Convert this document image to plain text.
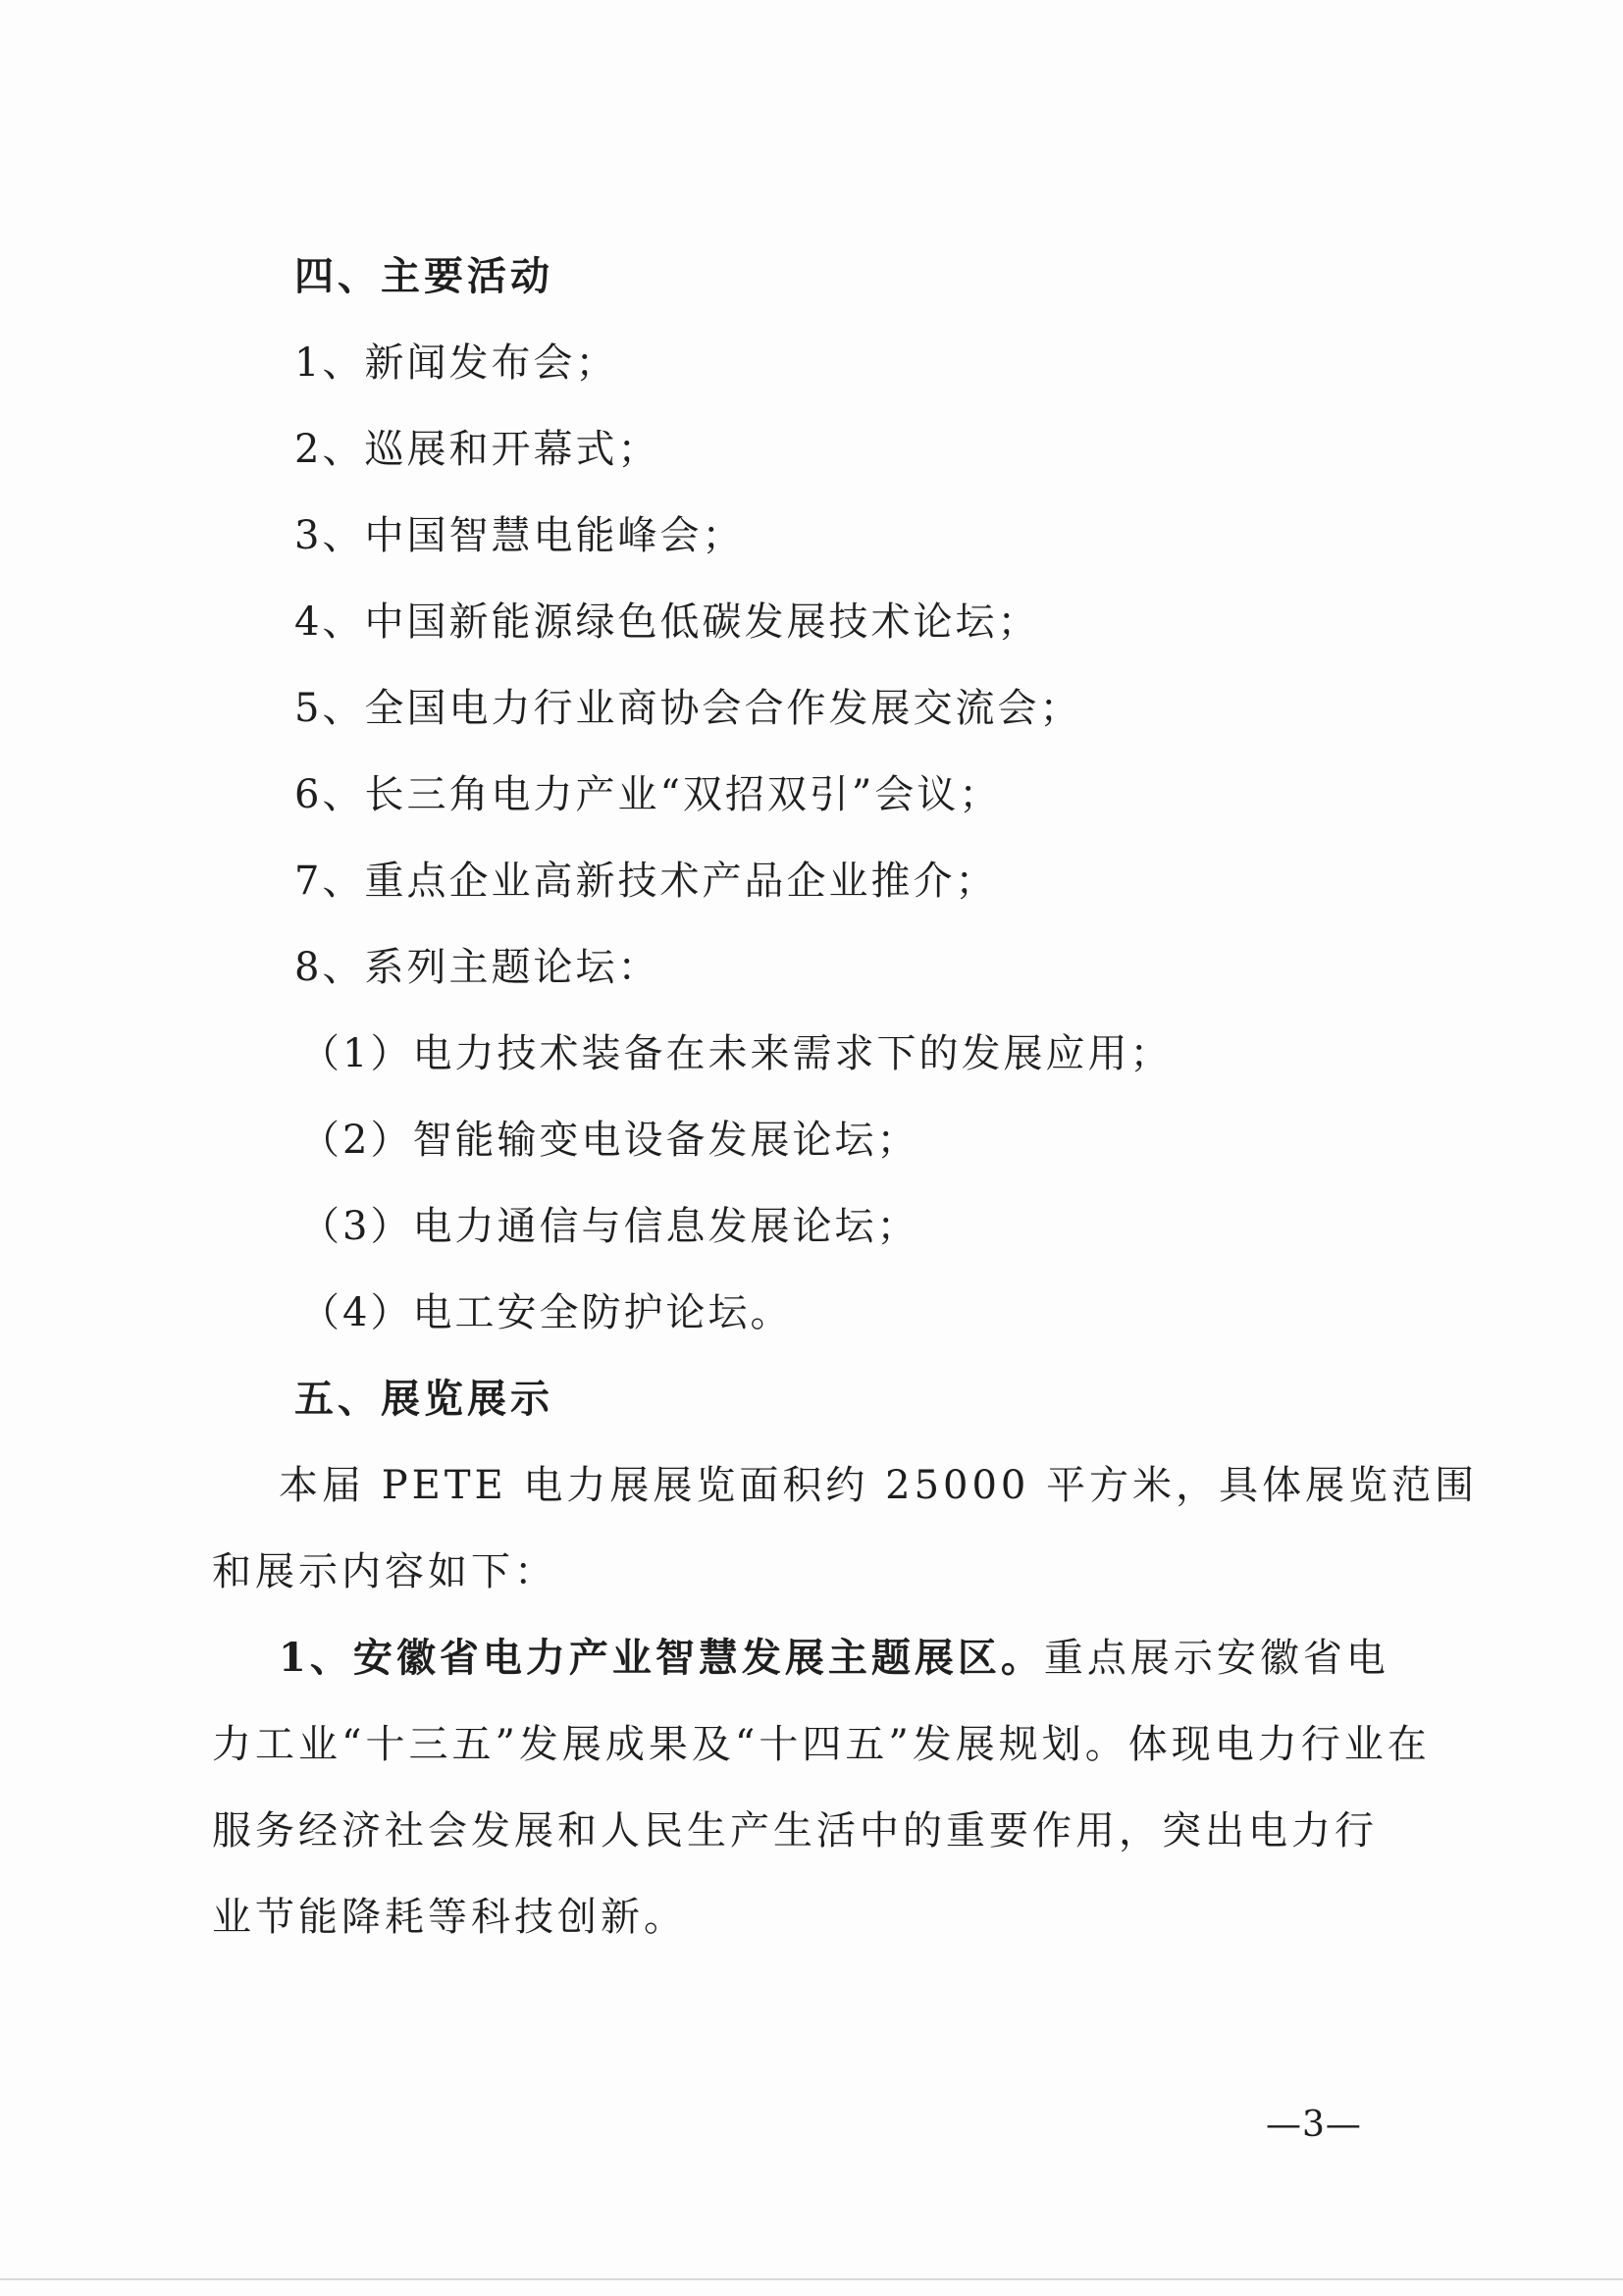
四、主要活动
1、新闻发布会；
2、巡展和开幕式；
3、中国智慧电能峰会；
4、中国新能源绿色低碳发展技术论坛；
5、全国电力行业商协会合作发展交流会；
6、长三角电力产业“双招双引”会议；
7、重点企业高新技术产品企业推介；
8、系列主题论坛：
（1）电力技术装备在未来需求下的发展应用；
（2）智能输变电设备发展论坛；
（3）电力通信与信息发展论坛；
（4）电工安全防护论坛。
五、展览展示
本届 PETE 电力展展览面积约 25000 平方米，具体展览范围
和展示内容如下：
1、安徽省电力产业智慧发展主题展区。重点展示安徽省电
力工业“十三五”发展成果及“十四五”发展规划。体现电力行业在
服务经济社会发展和人民生产生活中的重要作用，突出电力行
业节能降耗等科技创新。
—3—
